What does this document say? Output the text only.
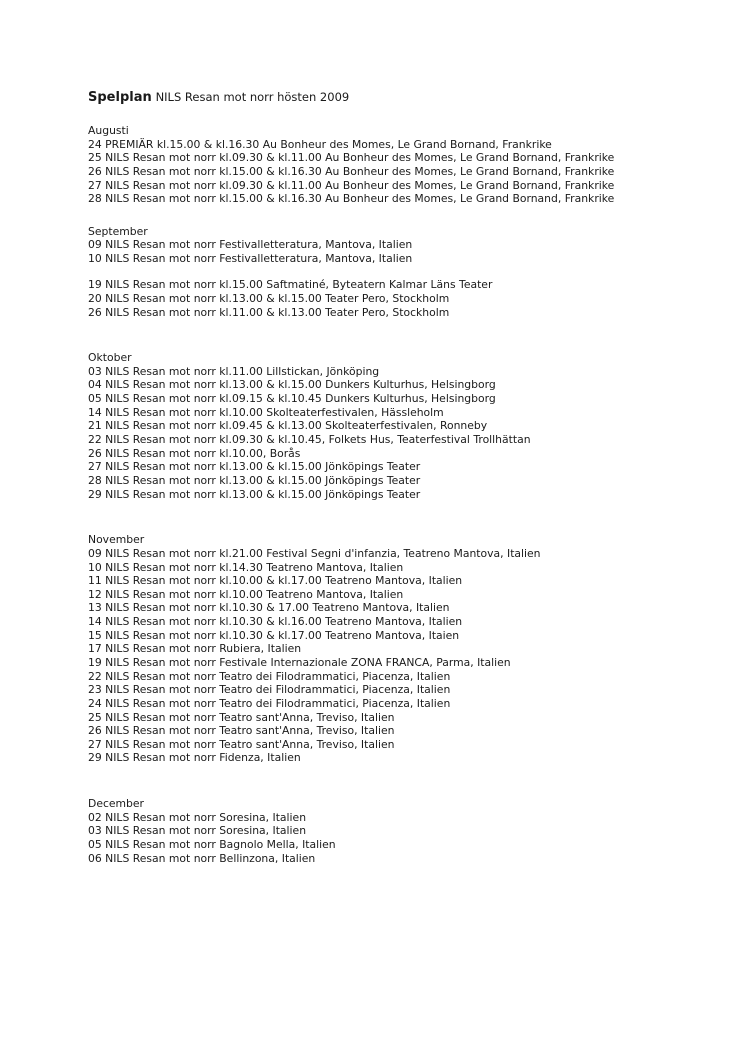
Spelplan NILS Resan mot norr hösten 2009
Augusti
24 PREMIÄR kl.15.00 & kl.16.30 Au Bonheur des Momes, Le Grand Bornand, Frankrike
25 NILS Resan mot norr kl.09.30 & kl.11.00 Au Bonheur des Momes, Le Grand Bornand, Frankrike
26 NILS Resan mot norr kl.15.00 & kl.16.30 Au Bonheur des Momes, Le Grand Bornand, Frankrike
27 NILS Resan mot norr kl.09.30 & kl.11.00 Au Bonheur des Momes, Le Grand Bornand, Frankrike
28 NILS Resan mot norr kl.15.00 & kl.16.30 Au Bonheur des Momes, Le Grand Bornand, Frankrike
September
09 NILS Resan mot norr Festivalletteratura, Mantova, Italien
10 NILS Resan mot norr Festivalletteratura, Mantova, Italien
19 NILS Resan mot norr kl.15.00 Saftmatiné, Byteatern Kalmar Läns Teater
20 NILS Resan mot norr kl.13.00 & kl.15.00 Teater Pero, Stockholm
26 NILS Resan mot norr kl.11.00 & kl.13.00 Teater Pero, Stockholm
Oktober
03 NILS Resan mot norr kl.11.00 Lillstickan, Jönköping
04 NILS Resan mot norr kl.13.00 & kl.15.00 Dunkers Kulturhus, Helsingborg
05 NILS Resan mot norr kl.09.15 & kl.10.45 Dunkers Kulturhus, Helsingborg
14 NILS Resan mot norr kl.10.00 Skolteaterfestivalen, Hässleholm
21 NILS Resan mot norr kl.09.45 & kl.13.00 Skolteaterfestivalen, Ronneby
22 NILS Resan mot norr kl.09.30 & kl.10.45, Folkets Hus, Teaterfestival Trollhättan
26 NILS Resan mot norr kl.10.00, Borås
27 NILS Resan mot norr kl.13.00 & kl.15.00 Jönköpings Teater
28 NILS Resan mot norr kl.13.00 & kl.15.00 Jönköpings Teater
29 NILS Resan mot norr kl.13.00 & kl.15.00 Jönköpings Teater
November
09 NILS Resan mot norr kl.21.00 Festival Segni d'infanzia, Teatreno Mantova, Italien
10 NILS Resan mot norr kl.14.30 Teatreno Mantova, Italien
11 NILS Resan mot norr kl.10.00 & kl.17.00 Teatreno Mantova, Italien
12 NILS Resan mot norr kl.10.00 Teatreno Mantova, Italien
13 NILS Resan mot norr kl.10.30 & 17.00 Teatreno Mantova, Italien
14 NILS Resan mot norr kl.10.30 & kl.16.00 Teatreno Mantova, Italien
15 NILS Resan mot norr kl.10.30 & kl.17.00 Teatreno Mantova, Itaien
17 NILS Resan mot norr Rubiera, Italien
19 NILS Resan mot norr Festivale Internazionale ZONA FRANCA, Parma, Italien
22 NILS Resan mot norr Teatro dei Filodrammatici, Piacenza, Italien
23 NILS Resan mot norr Teatro dei Filodrammatici, Piacenza, Italien
24 NILS Resan mot norr Teatro dei Filodrammatici, Piacenza, Italien
25 NILS Resan mot norr Teatro sant'Anna, Treviso, Italien
26 NILS Resan mot norr Teatro sant'Anna, Treviso, Italien
27 NILS Resan mot norr Teatro sant'Anna, Treviso, Italien
29 NILS Resan mot norr Fidenza, Italien
December
02 NILS Resan mot norr Soresina, Italien
03 NILS Resan mot norr Soresina, Italien
05 NILS Resan mot norr Bagnolo Mella, Italien
06 NILS Resan mot norr Bellinzona, Italien
